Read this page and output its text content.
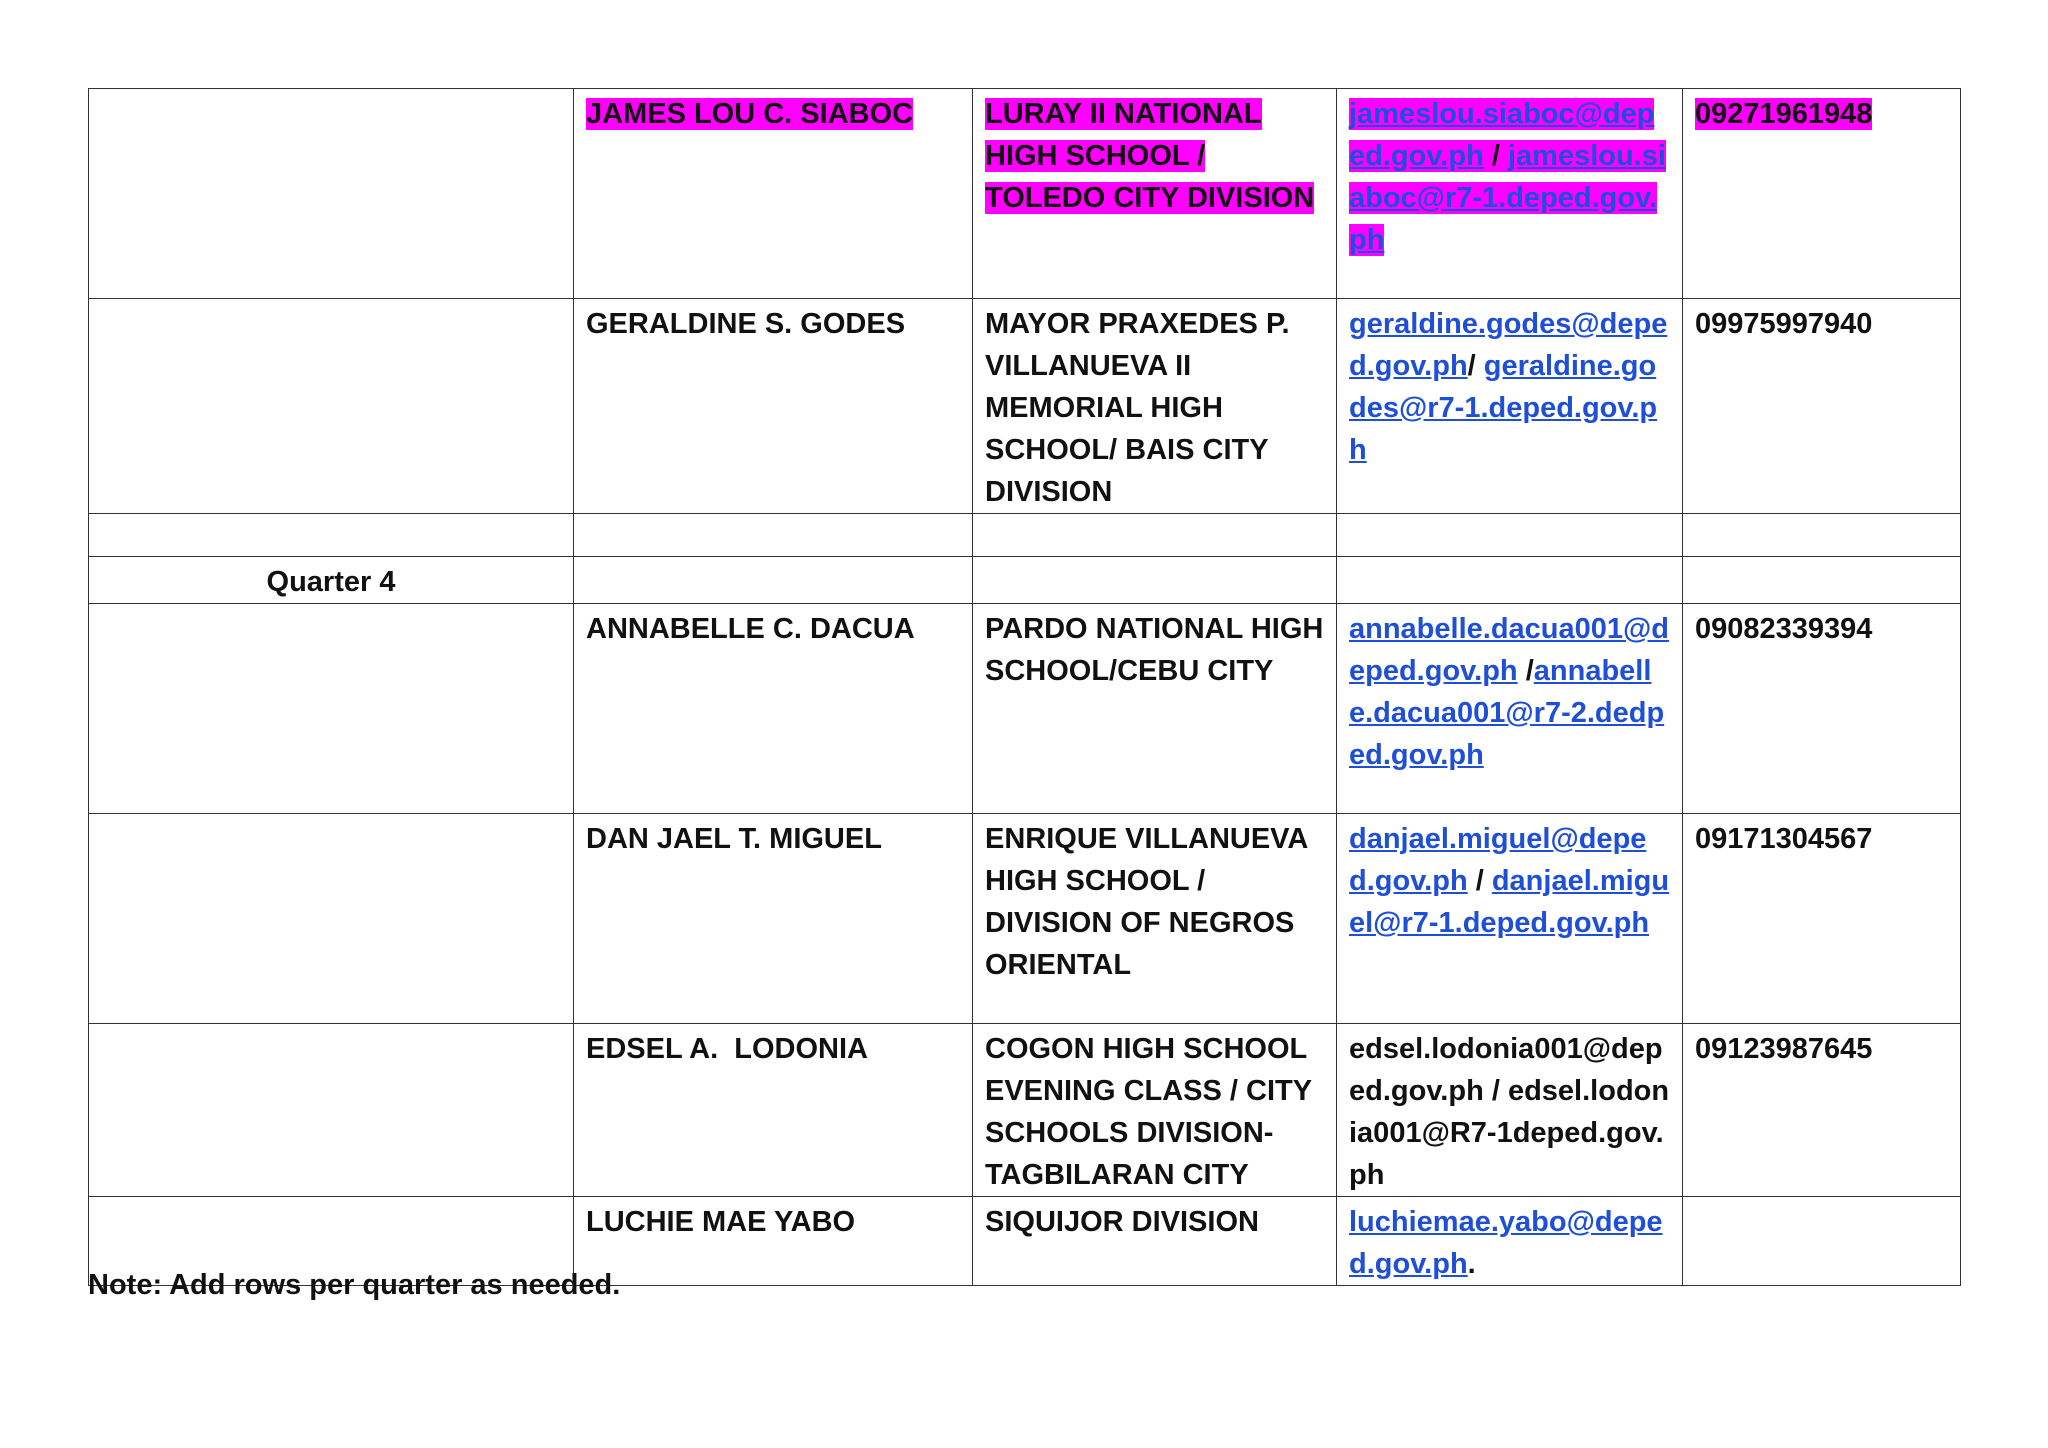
	JAMES LOU C. SIABOC	LURAY II NATIONAL HIGH SCHOOL / TOLEDO CITY DIVISION	jameslou.siaboc@deped.gov.ph / jameslou.siaboc@r7-1.deped.gov.ph	09271961948
	GERALDINE S. GODES	MAYOR PRAXEDES P. VILLANUEVA II MEMORIAL HIGH SCHOOL/ BAIS CITY DIVISION	geraldine.godes@deped.gov.ph/ geraldine.godes@r7-1.deped.gov.ph	09975997940

Quarter 4				
	ANNABELLE C. DACUA	PARDO NATIONAL HIGH SCHOOL/CEBU CITY	annabelle.dacua001@deped.gov.ph /annabelle.dacua001@r7-2.dedped.gov.ph	09082339394
	DAN JAEL T. MIGUEL	ENRIQUE VILLANUEVA HIGH SCHOOL / DIVISION OF NEGROS ORIENTAL	danjael.miguel@deped.gov.ph / danjael.miguel@r7-1.deped.gov.ph	09171304567
	EDSEL A.  LODONIA	COGON HIGH SCHOOL EVENING CLASS / CITY SCHOOLS DIVISION-TAGBILARAN CITY	edsel.lodonia001@deped.gov.ph / edsel.lodonia001@R7-1deped.gov.ph	09123987645
	LUCHIE MAE YABO	SIQUIJOR DIVISION	luchiemae.yabo@deped.gov.ph.	
Note: Add rows per quarter as needed.
